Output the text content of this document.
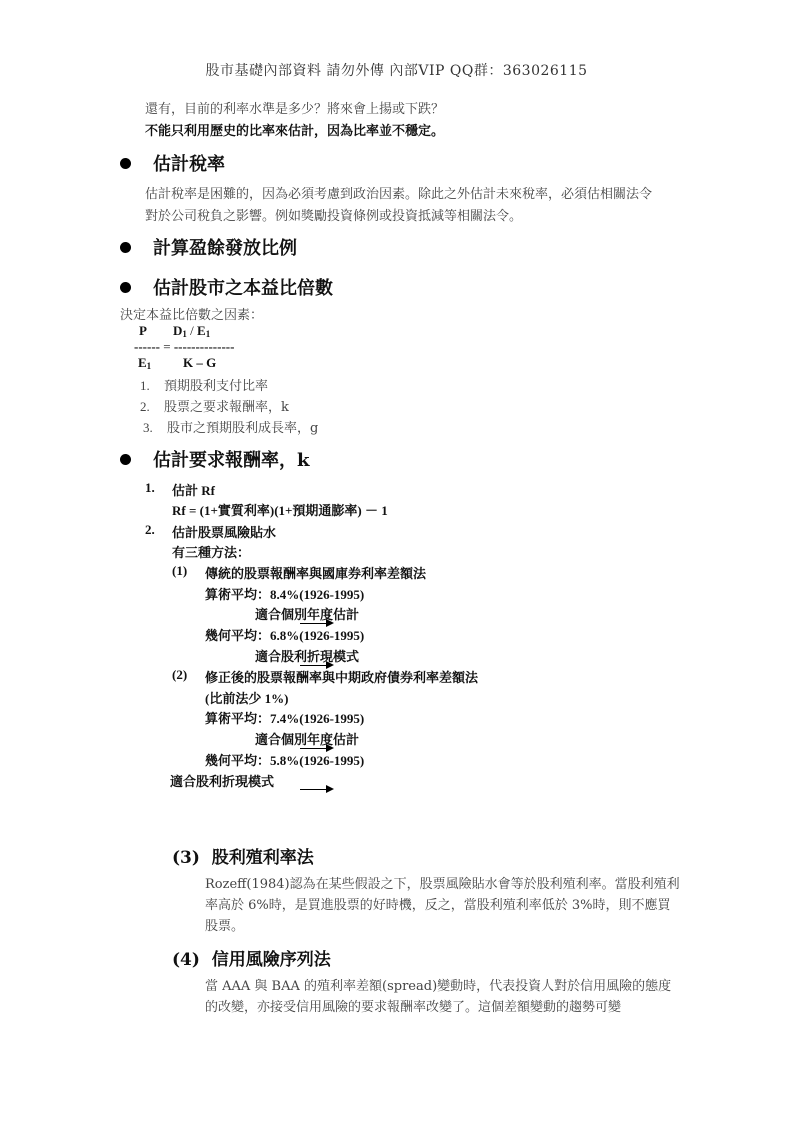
股市基礎內部資料 請勿外傳 內部VIP QQ群：363026115
還有，目前的利率水準是多少？將來會上揚或下跌？
不能只利用歷史的比率來估計，因為比率並不穩定。
估計稅率
估計稅率是困難的，因為必須考慮到政治因素。除此之外估計未來稅率，必須估相關法令
對於公司稅負之影響。例如獎勵投資條例或投資抵減等相關法令。
計算盈餘發放比例
估計股市之本益比倍數
決定本益比倍數之因素：
P $D_1 / E_1$
------ = --------------
$E_1$ K – G
1. 預期股利支付比率
2. 股票之要求報酬率，k
3. 股市之預期股利成長率，g
估計要求報酬率，k
1. 估計 Rf
Rf = (1+實質利率)(1+預期通膨率) － 1
2. 估計股票風險貼水
有三種方法：
(1) 傳統的股票報酬率與國庫券利率差額法
算術平均：8.4%(1926-1995)
適合個別年度估計
幾何平均：6.8%(1926-1995)
適合股利折現模式
(2) 修正後的股票報酬率與中期政府債券利率差額法
(比前法少 1%)
算術平均：7.4%(1926-1995)
適合個別年度估計
幾何平均：5.8%(1926-1995)
適合股利折現模式
(3) 股利殖利率法
Rozeff(1984)認為在某些假設之下，股票風險貼水會等於股利殖利率。當股利殖利率高於 6%時，是買進股票的好時機，反之，當股利殖利率低於 3%時，則不應買股票。
(4) 信用風險序列法
當 AAA 與 BAA 的殖利率差額(spread)變動時，代表投資人對於信用風險的態度的改變，亦接受信用風險的要求報酬率改變了。這個差額變動的趨勢可變
